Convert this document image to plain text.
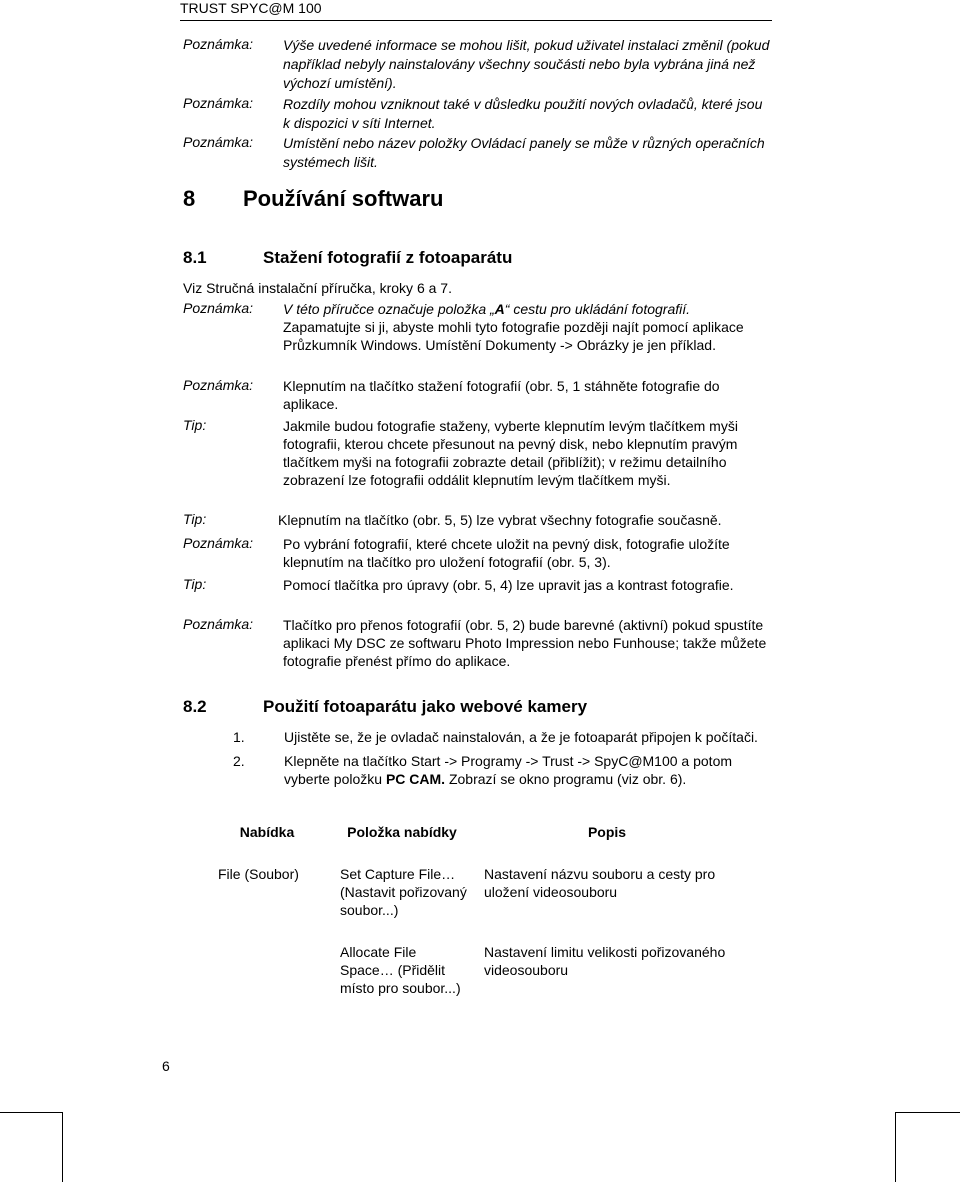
TRUST SPYC@M 100
Poznámka: Výše uvedené informace se mohou lišit, pokud uživatel instalaci změnil (pokud například nebyly nainstalovány všechny součásti nebo byla vybrána jiná než výchozí umístění).
Poznámka: Rozdíly mohou vzniknout také v důsledku použití nových ovladačů, které jsou k dispozici v síti Internet.
Poznámka: Umístění nebo název položky Ovládací panely se může v různých operačních systémech lišit.
8 Používání softwaru
8.1	Stažení fotografií z fotoaparátu
Viz Stručná instalační příručka, kroky 6 a 7.
Poznámka: V této příručce označuje položka „A“ cestu pro ukládání fotografií.
Zapamatujte si ji, abyste mohli tyto fotografie později najít pomocí aplikace Průzkumník Windows. Umístění Dokumenty -> Obrázky je jen příklad.
Poznámka: Klepnutím na tlačítko stažení fotografií (obr. 5, 1 stáhněte fotografie do aplikace.
Tip:	Jakmile budou fotografie staženy, vyberte klepnutím levým tlačítkem myši fotografii, kterou chcete přesunout na pevný disk, nebo klepnutím pravým tlačítkem myši na fotografii zobrazte detail (přiblížit); v režimu detailního zobrazení lze fotografii oddálit klepnutím levým tlačítkem myši.
Tip:	Klepnutím na tlačítko (obr. 5, 5) lze vybrat všechny fotografie současně.
Poznámka: Po vybrání fotografií, které chcete uložit na pevný disk, fotografie uložíte klepnutím na tlačítko pro uložení fotografií (obr. 5, 3).
Tip:	Pomocí tlačítka pro úpravy (obr. 5, 4) lze upravit jas a kontrast fotografie.
Poznámka: Tlačítko pro přenos fotografií (obr. 5, 2) bude barevné (aktivní) pokud spustíte aplikaci My DSC ze softwaru Photo Impression nebo Funhouse; takže můžete fotografie přenést přímo do aplikace.
8.2	Použití fotoaparátu jako webové kamery
1.	Ujistěte se, že je ovladač nainstalován, a že je fotoaparát připojen k počítači.
2.	Klepněte na tlačítko Start -> Programy -> Trust -> SpyC@M100 a potom vyberte položku PC CAM. Zobrazí se okno programu (viz obr. 6).
Nabídka	Položka nabídky	Popis
File (Soubor)	Set Capture File… (Nastavit pořizovaný soubor...)	Nastavení názvu souboru a cesty pro uložení videosouboru
	Allocate File Space… (Přidělit místo pro soubor...)	Nastavení limitu velikosti pořizovaného videosouboru
6
